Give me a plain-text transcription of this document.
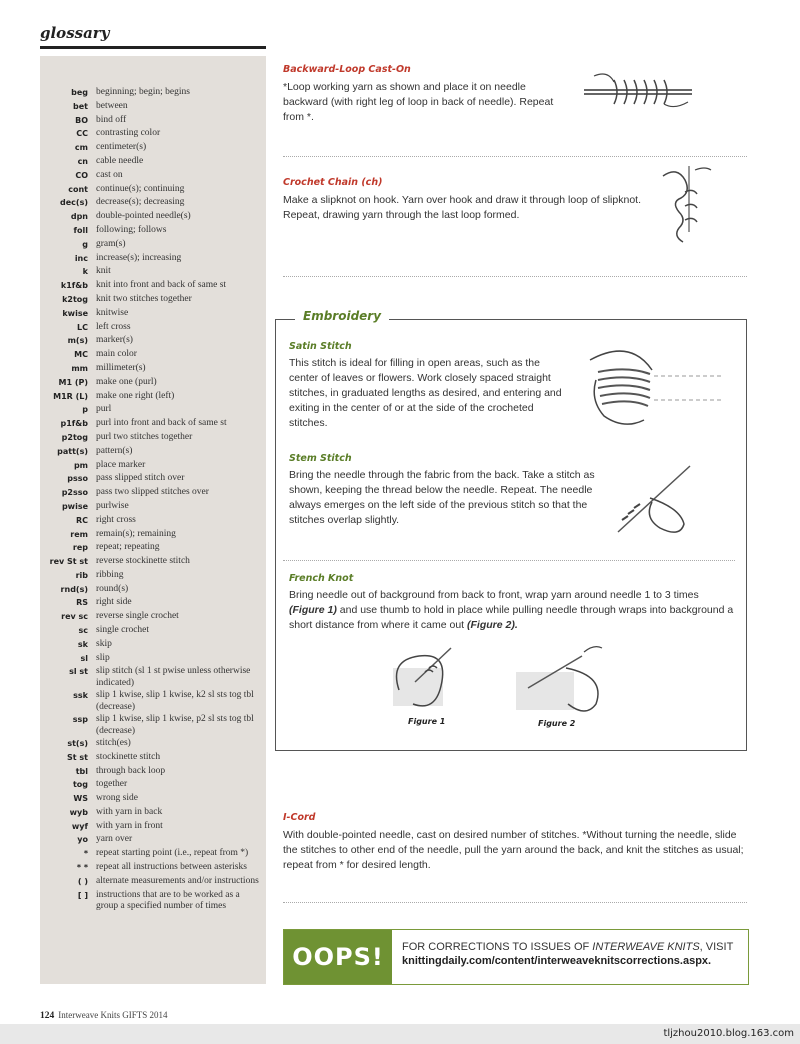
glossary
beg beginning; begin; begins
bet between
BO bind off
CC contrasting color
cm centimeter(s)
cn cable needle
CO cast on
cont continue(s); continuing
dec(s) decrease(s); decreasing
dpn double-pointed needle(s)
foll following; follows
g gram(s)
inc increase(s); increasing
k knit
k1f&b knit into front and back of same st
k2tog knit two stitches together
kwise knitwise
LC left cross
m(s) marker(s)
MC main color
mm millimeter(s)
M1 (P) make one (purl)
M1R (L) make one right (left)
p purl
p1f&b purl into front and back of same st
p2tog purl two stitches together
patt(s) pattern(s)
pm place marker
psso pass slipped stitch over
p2sso pass two slipped stitches over
pwise purlwise
RC right cross
rem remain(s); remaining
rep repeat; repeating
rev St st reverse stockinette stitch
rib ribbing
rnd(s) round(s)
RS right side
rev sc reverse single crochet
sc single crochet
sk skip
sl slip
sl st slip stitch (sl 1 st pwise unless otherwise indicated)
ssk slip 1 kwise, slip 1 kwise, k2 sl sts tog tbl (decrease)
ssp slip 1 kwise, slip 1 kwise, p2 sl sts tog tbl (decrease)
st(s) stitch(es)
St st stockinette stitch
tbl through back loop
tog together
WS wrong side
wyb with yarn in back
wyf with yarn in front
yo yarn over
* repeat starting point (i.e., repeat from *)
* * repeat all instructions between asterisks
( ) alternate measurements and/or instructions
[ ] instructions that are to be worked as a group a specified number of times
Backward-Loop Cast-On
*Loop working yarn as shown and place it on needle backward (with right leg of loop in back of needle). Repeat from *.
Crochet Chain (ch)
Make a slipknot on hook. Yarn over hook and draw it through loop of slipknot. Repeat, drawing yarn through the last loop formed.
Embroidery
Satin Stitch
This stitch is ideal for filling in open areas, such as the center of leaves or flowers. Work closely spaced straight stitches, in graduated lengths as desired, and entering and exiting in the center of or at the side of the crocheted stitches.
Stem Stitch
Bring the needle through the fabric from the back. Take a stitch as shown, keeping the thread below the needle. Repeat. The needle always emerges on the left side of the previous stitch so that the stitches overlap slightly.
French Knot
Bring needle out of background from back to front, wrap yarn around needle 1 to 3 times (Figure 1) and use thumb to hold in place while pulling needle through wraps into background a short distance from where it came out (Figure 2).
Figure 1	Figure 2
I-Cord
With double-pointed needle, cast on desired number of stitches. *Without turning the needle, slide the stitches to other end of the needle, pull the yarn around the back, and knit the stitches as usual; repeat from * for desired length.
OOPS!	FOR CORRECTIONS TO ISSUES OF INTERWEAVE KNITS, VISIT
knittingdaily.com/content/interweaveknitscorrections.aspx.
124 Interweave Knits GIFTS 2014
tljzhou2010.blog.163.com
